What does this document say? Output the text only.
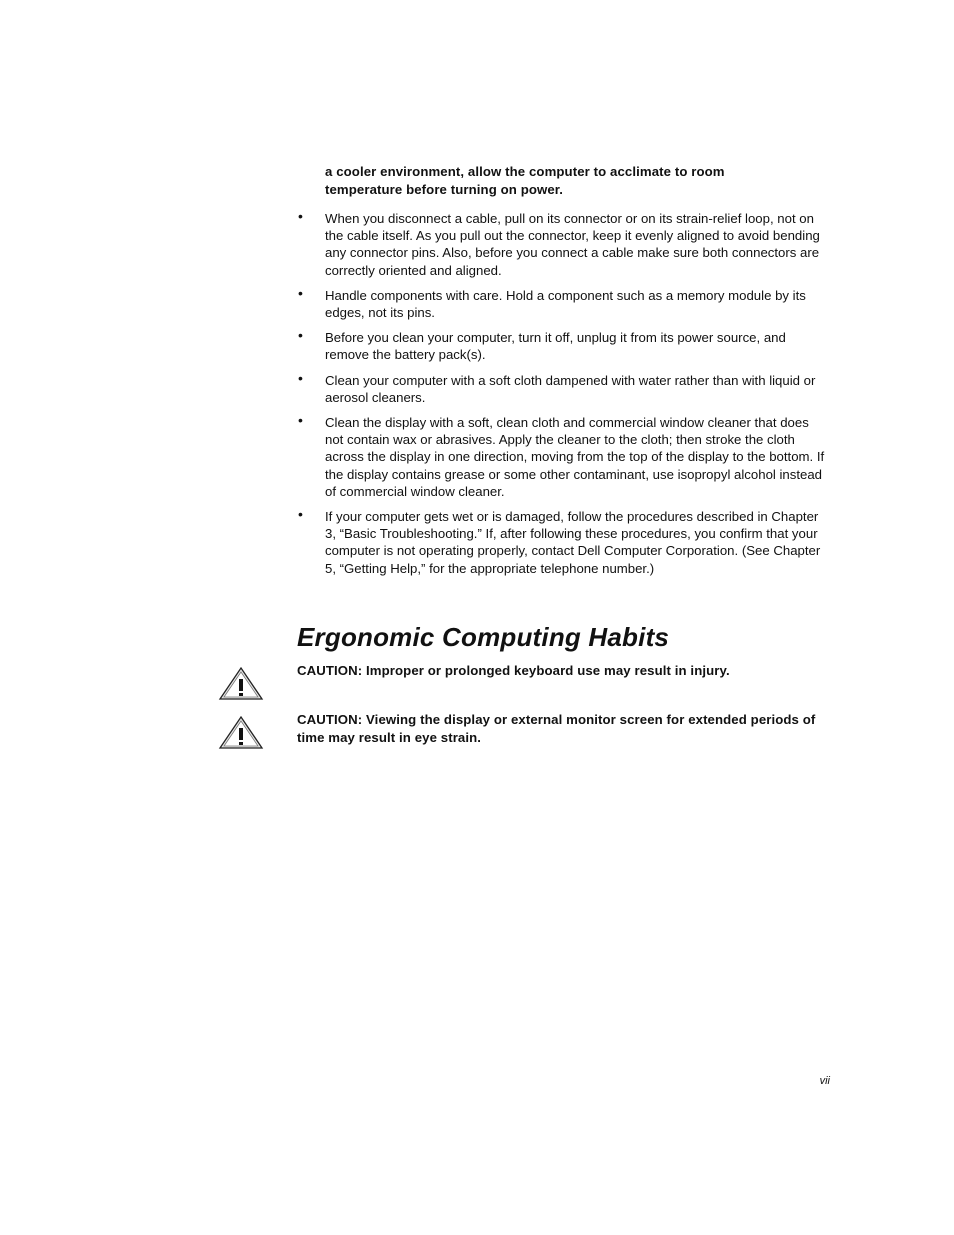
a cooler environment, allow the computer to acclimate to room temperature before turning on power.
• When you disconnect a cable, pull on its connector or on its strain-relief loop, not on the cable itself. As you pull out the connector, keep it evenly aligned to avoid bending any connector pins. Also, before you connect a cable make sure both connectors are correctly oriented and aligned.
• Handle components with care. Hold a component such as a memory module by its edges, not its pins.
• Before you clean your computer, turn it off, unplug it from its power source, and remove the battery pack(s).
• Clean your computer with a soft cloth dampened with water rather than with liquid or aerosol cleaners.
• Clean the display with a soft, clean cloth and commercial window cleaner that does not contain wax or abrasives. Apply the cleaner to the cloth; then stroke the cloth across the display in one direction, moving from the top of the display to the bottom. If the display contains grease or some other contaminant, use isopropyl alcohol instead of commercial window cleaner.
• If your computer gets wet or is damaged, follow the procedures described in Chapter 3, “Basic Troubleshooting.” If, after following these procedures, you confirm that your computer is not operating properly, contact Dell Computer Corporation. (See Chapter 5, “Getting Help,” for the appropriate telephone number.)
Ergonomic Computing Habits
CAUTION: Improper or prolonged keyboard use may result in injury.
CAUTION: Viewing the display or external monitor screen for extended periods of time may result in eye strain.
vii
